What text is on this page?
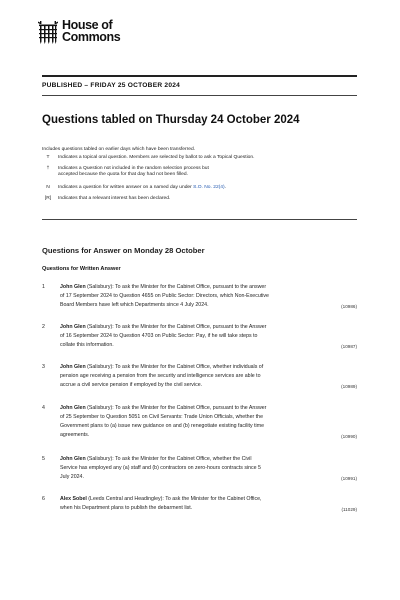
House of
Commons
PUBLISHED – FRIDAY 25 OCTOBER 2024
Questions tabled on Thursday 24 October 2024
Includes questions tabled on earlier days which have been transferred.
T	Indicates a topical oral question. Members are selected by ballot to ask a Topical Question.
†	Indicates a Question not included in the random selection process but
accepted because the quota for that day had not been filled.
N	Indicates a question for written answer on a named day under S.O. No. 22(4).
[R]	Indicates that a relevant interest has been declared.
Questions for Answer on Monday 28 October
Questions for Written Answer
1	John Glen (Salisbury): To ask the Minister for the Cabinet Office, pursuant to the answer
of 17 September 2024 to Question 4655 on Public Sector: Directors, which Non-Executive
Board Members have left which Departments since 4 July 2024.	(10986)
2	John Glen (Salisbury): To ask the Minister for the Cabinet Office, pursuant to the Answer
of 16 September 2024 to Question 4703 on Public Sector: Pay, if he will take steps to
collate this information.	(10987)
3	John Glen (Salisbury): To ask the Minister for the Cabinet Office, whether individuals of
pension age receiving a pension from the security and intelligence services are able to
accrue a civil service pension if employed by the civil service.	(10989)
4	John Glen (Salisbury): To ask the Minister for the Cabinet Office, pursuant to the Answer
of 25 September to Question 5051 on Civil Servants: Trade Union Officials, whether the
Government plans to (a) issue new guidance on and (b) renegotiate existing facility time
agreements.	(10990)
5	John Glen (Salisbury): To ask the Minister for the Cabinet Office, whether the Civil
Service has employed any (a) staff and (b) contractors on zero-hours contracts since 5
July 2024.	(10991)
6	Alex Sobel (Leeds Central and Headingley): To ask the Minister for the Cabinet Office,
when his Department plans to publish the debarment list.	(11029)
